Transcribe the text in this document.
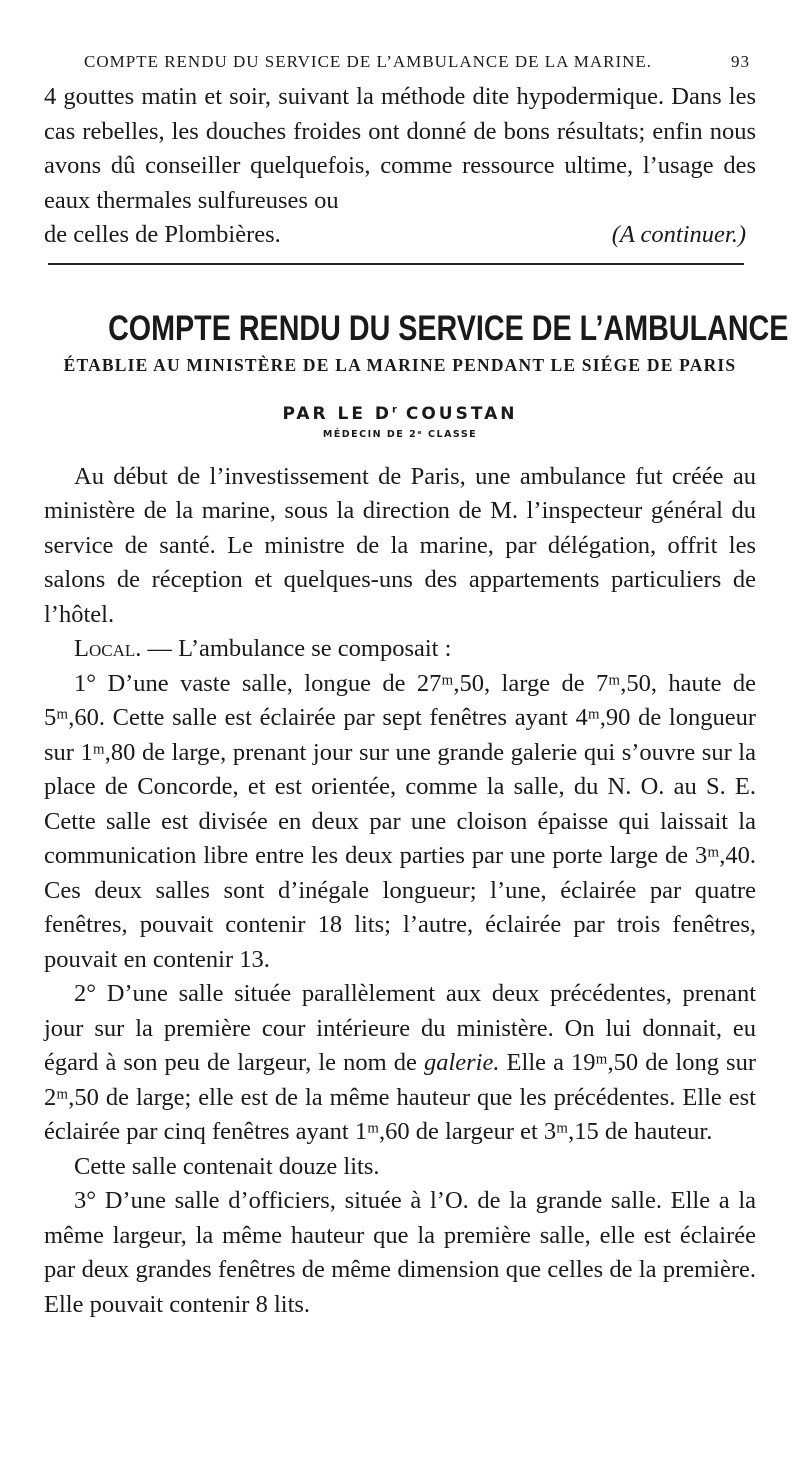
COMPTE RENDU DU SERVICE DE L’AMBULANCE DE LA MARINE.	93

4 gouttes matin et soir, suivant la méthode dite hypodermique. Dans les cas rebelles, les douches froides ont donné de bons résultats; enfin nous avons dû conseiller quelquefois, comme ressource ultime, l’usage des eaux thermales sulfureuses ou

de celles de Plombières.	(A continuer.)
COMPTE RENDU DU SERVICE DE L’AMBULANCE
ÉTABLIE AU MINISTÈRE DE LA MARINE PENDANT LE SIÉGE DE PARIS
PAR LE $D^r$ COUSTAN
MÉDECIN DE 2ᵉ CLASSE

Au début de l’investissement de Paris, une ambulance fut créée au ministère de la marine, sous la direction de M. l’inspecteur général du service de santé. Le ministre de la marine, par délégation, offrit les salons de réception et quelques-uns des appartements particuliers de l’hôtel.

Local. — L’ambulance se composait :

1° D’une vaste salle, longue de 27ᵐ,50, large de 7ᵐ,50, haute de 5ᵐ,60. Cette salle est éclairée par sept fenêtres ayant 4ᵐ,90 de longueur sur 1ᵐ,80 de large, prenant jour sur une grande galerie qui s’ouvre sur la place de Concorde, et est orientée, comme la salle, du N. O. au S. E. Cette salle est divisée en deux par une cloison épaisse qui laissait la communication libre entre les deux parties par une porte large de 3ᵐ,40. Ces deux salles sont d’inégale longueur; l’une, éclairée par quatre fenêtres, pouvait contenir 18 lits; l’autre, éclairée par trois fenêtres, pouvait en contenir 13.

2° D’une salle située parallèlement aux deux précédentes, prenant jour sur la première cour intérieure du ministère. On lui donnait, eu égard à son peu de largeur, le nom de galerie. Elle a 19ᵐ,50 de long sur 2ᵐ,50 de large; elle est de la même hauteur que les précédentes. Elle est éclairée par cinq fenêtres ayant 1ᵐ,60 de largeur et 3ᵐ,15 de hauteur.

Cette salle contenait douze lits.

3° D’une salle d’officiers, située à l’O. de la grande salle. Elle a la même largeur, la même hauteur que la première salle, elle est éclairée par deux grandes fenêtres de même dimension que celles de la première. Elle pouvait contenir 8 lits.
